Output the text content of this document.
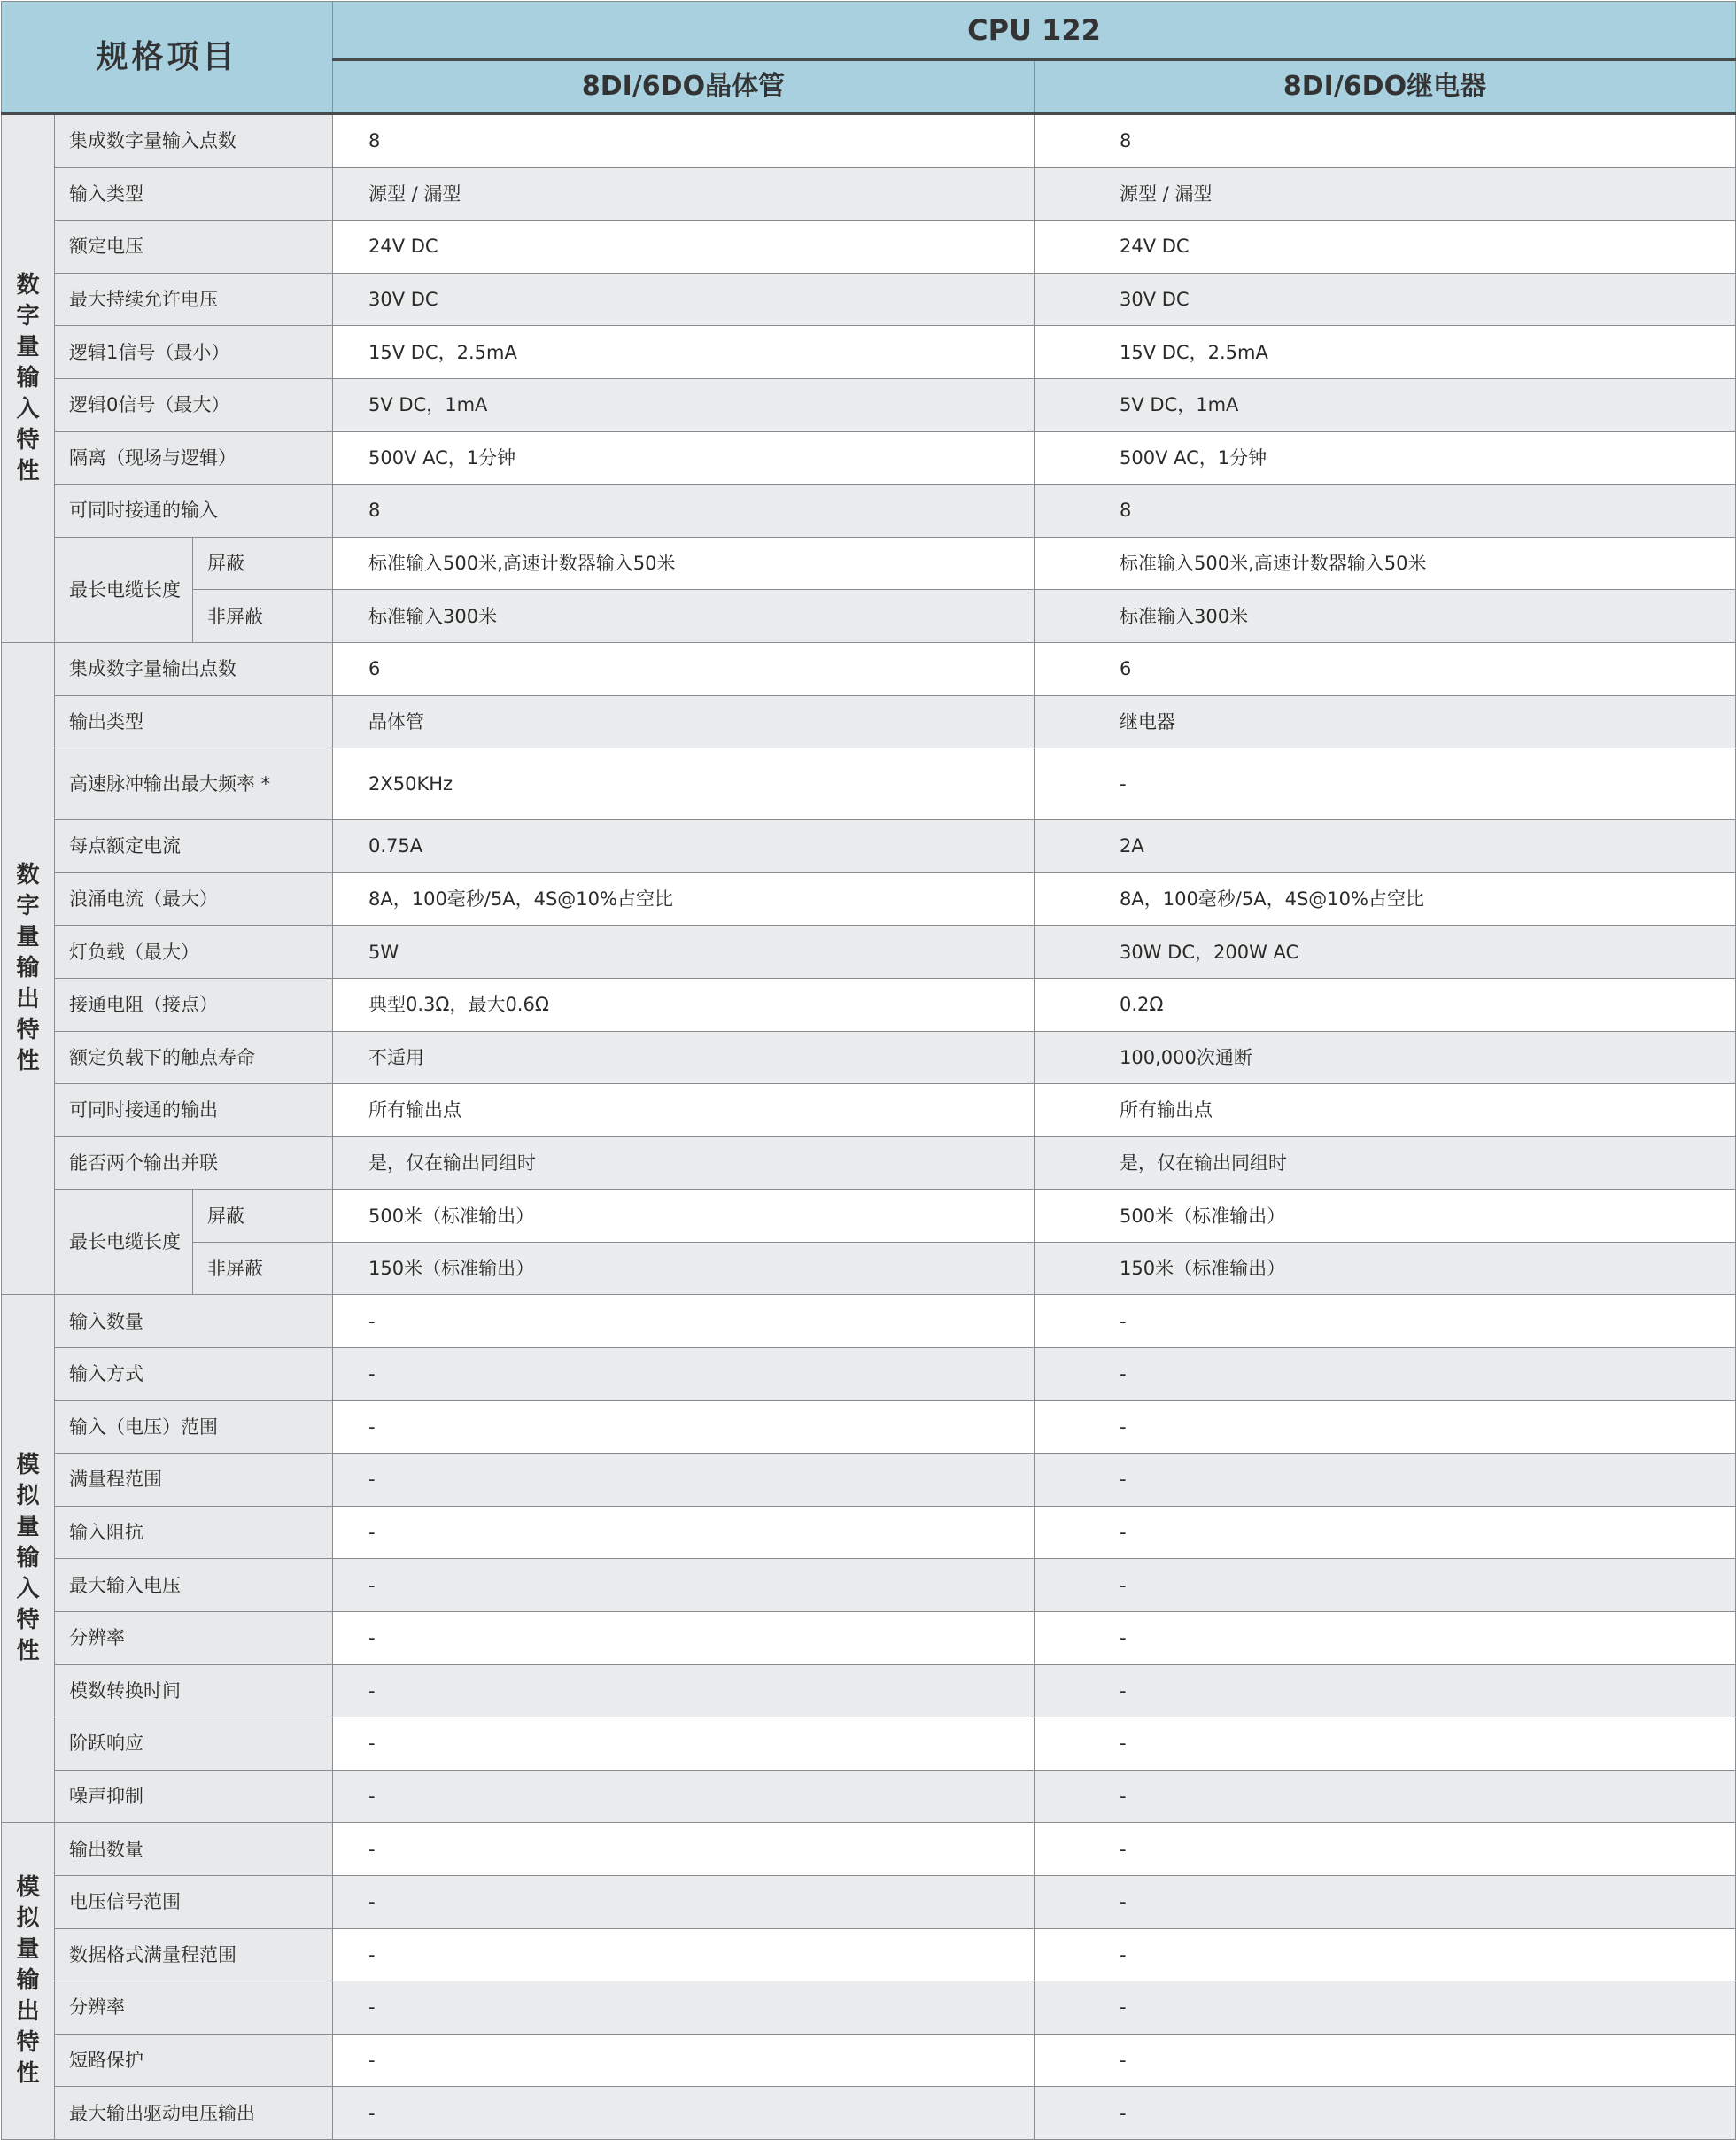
规格项目			CPU 122	
			8DI/6DO晶体管	8DI/6DO继电器
数字量输入特性	集成数字量输入点数		8	8
	输入类型		源型 / 漏型	源型 / 漏型
	额定电压		24V DC	24V DC
	最大持续允许电压		30V DC	30V DC
	逻辑1信号（最小）		15V DC，2.5mA	15V DC，2.5mA
	逻辑0信号（最大）		5V DC，1mA	5V DC，1mA
	隔离（现场与逻辑）		500V AC，1分钟	500V AC，1分钟
	可同时接通的输入		8	8
	最长电缆长度	屏蔽	标准输入500米,高速计数器输入50米	标准输入500米,高速计数器输入50米
		非屏蔽	标准输入300米	标准输入300米
数字量输出特性	集成数字量输出点数		6	6
	输出类型		晶体管	继电器
	高速脉冲输出最大频率 *		2X50KHz	-
	每点额定电流		0.75A	2A
	浪涌电流（最大）		8A，100毫秒/5A，4S@10%占空比	8A，100毫秒/5A，4S@10%占空比
	灯负载（最大）		5W	30W DC，200W AC
	接通电阻（接点）		典型0.3Ω，最大0.6Ω	0.2Ω
	额定负载下的触点寿命		不适用	100,000次通断
	可同时接通的输出		所有输出点	所有输出点
	能否两个输出并联		是，仅在输出同组时	是，仅在输出同组时
	最长电缆长度	屏蔽	500米（标准输出）	500米（标准输出）
		非屏蔽	150米（标准输出）	150米（标准输出）
模拟量输入特性	输入数量		-	-
	输入方式		-	-
	输入（电压）范围		-	-
	满量程范围		-	-
	输入阻抗		-	-
	最大输入电压		-	-
	分辨率		-	-
	模数转换时间		-	-
	阶跃响应		-	-
	噪声抑制		-	-
模拟量输出特性	输出数量		-	-
	电压信号范围		-	-
	数据格式满量程范围		-	-
	分辨率		-	-
	短路保护		-	-
	最大输出驱动电压输出		-	-
